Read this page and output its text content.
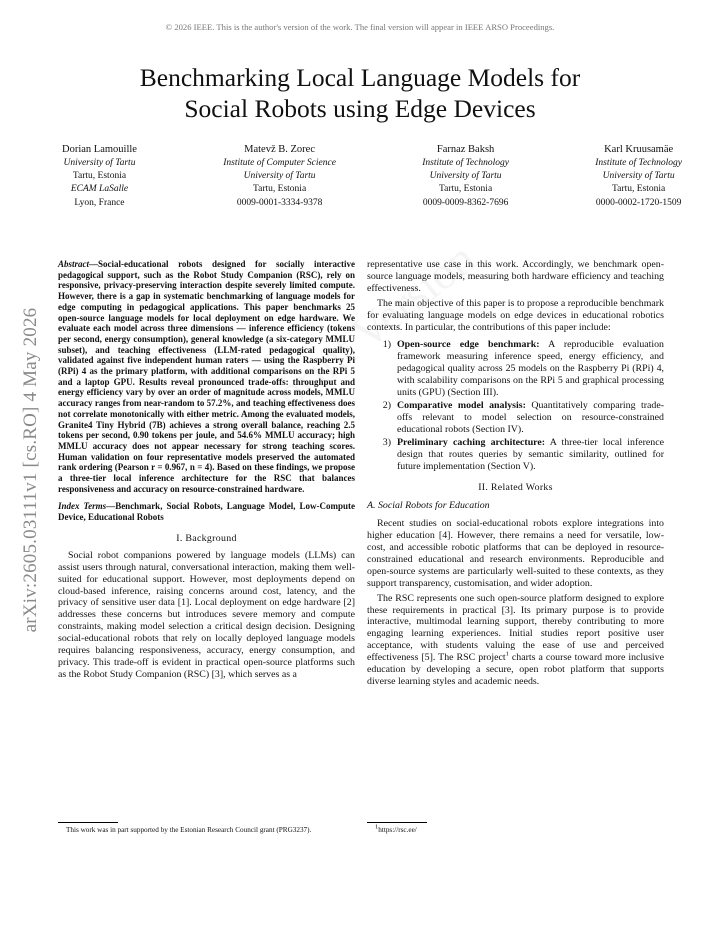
© 2026 IEEE. This is the author's version of the work. The final version will appear in IEEE ARSO Proceedings.
Benchmarking Local Language Models for
Social Robots using Edge Devices
Dorian Lamouille
University of Tartu
Tartu, Estonia
ECAM LaSalle
Lyon, France
Matevž B. Zorec
Institute of Computer Science
University of Tartu
Tartu, Estonia
0009-0001-3334-9378
Farnaz Baksh
Institute of Technology
University of Tartu
Tartu, Estonia
0009-0009-8362-7696
Karl Kruusamäe
Institute of Technology
University of Tartu
Tartu, Estonia
0000-0002-1720-1509
arXiv:2605.03111v1 [cs.RO] 4 May 2026

Abstract—Social-educational robots designed for socially interactive pedagogical support, such as the Robot Study Companion (RSC), rely on responsive, privacy-preserving interaction despite severely limited compute. However, there is a gap in systematic benchmarking of language models for edge computing in pedagogical applications. This paper benchmarks 25 open-source language models for local deployment on edge hardware. We evaluate each model across three dimensions — inference efficiency (tokens per second, energy consumption), general knowledge (a six-category MMLU subset), and teaching effectiveness (LLM-rated pedagogical quality), validated against five independent human raters — using the Raspberry Pi (RPi) 4 as the primary platform, with additional comparisons on the RPi 5 and a laptop GPU. Results reveal pronounced trade-offs: throughput and energy efficiency vary by over an order of magnitude across models, MMLU accuracy ranges from near-random to 57.2%, and teaching effectiveness does not correlate monotonically with either metric. Among the evaluated models, Granite4 Tiny Hybrid (7B) achieves a strong overall balance, reaching 2.5 tokens per second, 0.90 tokens per joule, and 54.6% MMLU accuracy; high MMLU accuracy does not appear necessary for strong teaching scores. Human validation on four representative models preserved the automated rank ordering (Pearson r = 0.967, n = 4). Based on these findings, we propose a three-tier local inference architecture for the RSC that balances responsiveness and accuracy on resource-constrained hardware.

Index Terms—Benchmark, Social Robots, Language Model, Low-Compute Device, Educational Robots

I. Background

Social robot companions powered by language models (LLMs) can assist users through natural, conversational interaction, making them well-suited for educational support. However, most deployments depend on cloud-based inference, raising concerns around cost, latency, and the privacy of sensitive user data [1]. Local deployment on edge hardware [2] addresses these concerns but introduces severe memory and compute constraints, making model selection a critical design decision. Designing social-educational robots that rely on locally deployed language models requires balancing responsiveness, accuracy, energy consumption, and privacy. This trade-off is evident in practical open-source platforms such as the Robot Study Companion (RSC) [3], which serves as a

This work was in part supported by the Estonian Research Council grant (PRG3237).

representative use case in this work. Accordingly, we benchmark open-source language models, measuring both hardware efficiency and teaching effectiveness.

The main objective of this paper is to propose a reproducible benchmark for evaluating language models on edge devices in educational robotics contexts. In particular, the contributions of this paper include:

1) Open-source edge benchmark: A reproducible evaluation framework measuring inference speed, energy efficiency, and pedagogical quality across 25 models on the Raspberry Pi (RPi) 4, with scalability comparisons on the RPi 5 and graphical processing units (GPU) (Section III).
2) Comparative model analysis: Quantitatively comparing trade-offs relevant to model selection on resource-constrained educational robots (Section IV).
3) Preliminary caching architecture: A three-tier local inference design that routes queries by semantic similarity, outlined for future implementation (Section V).
II. Related Works
A. Social Robots for Education

Recent studies on social-educational robots explore integrations into higher education [4]. However, there remains a need for versatile, low-cost, and accessible robotic platforms that can be deployed in resource-constrained educational and research environments. Reproducible and open-source systems are particularly well-suited to these contexts, as they support transparency, customisation, and wider adoption.

The RSC represents one such open-source platform designed to explore these requirements in practical [3]. Its primary purpose is to provide interactive, multimodal learning support, thereby contributing to more engaging learning experiences. Initial studies report positive user acceptance, with students valuing the ease of use and perceived effectiveness [5]. The RSC project$^1$ charts a course toward more inclusive education by developing a secure, open robot platform that supports diverse learning styles and academic needs.

$^1$https://rsc.ee/
